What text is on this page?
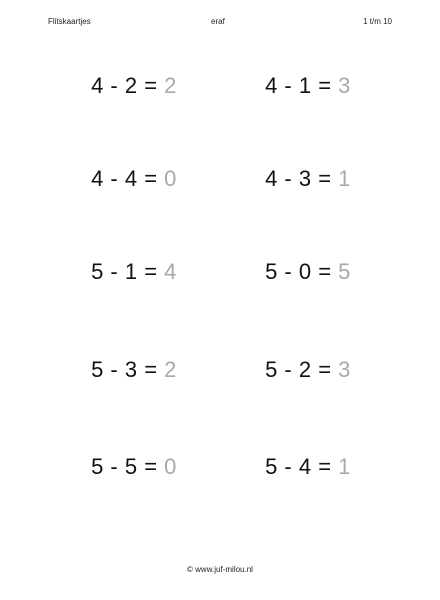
Flitskaartjes	eraf	1 t/m 10
4 - 2 = 2	4 - 1 = 3
4 - 4 = 0	4 - 3 = 1
5 - 1 = 4	5 - 0 = 5
5 - 3 = 2	5 - 2 = 3
5 - 5 = 0	5 - 4 = 1
© www.juf-milou.nl
